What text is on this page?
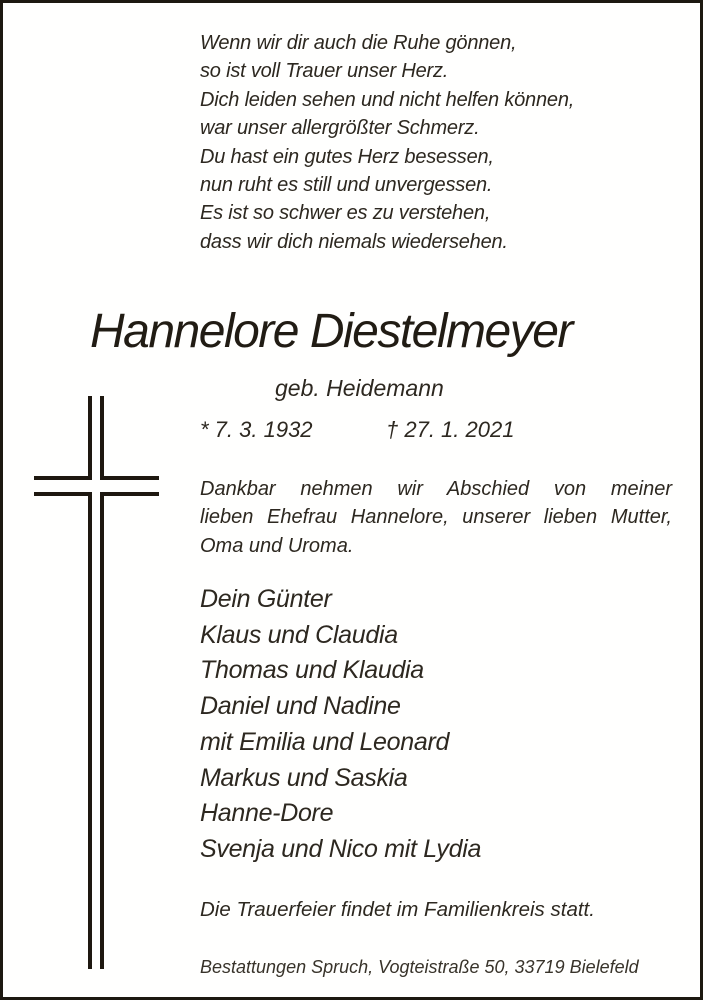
Wenn wir dir auch die Ruhe gönnen,
so ist voll Trauer unser Herz.
Dich leiden sehen und nicht helfen können,
war unser allergrößter Schmerz.
Du hast ein gutes Herz besessen,
nun ruht es still und unvergessen.
Es ist so schwer es zu verstehen,
dass wir dich niemals wiedersehen.
Hannelore Diestelmeyer
geb. Heidemann
* 7. 3. 1932	† 27. 1. 2021
Dankbar nehmen wir Abschied von meiner
lieben Ehefrau Hannelore, unserer lieben Mutter,
Oma und Uroma.
Dein Günter
Klaus und Claudia
Thomas und Klaudia
Daniel und Nadine
mit Emilia und Leonard
Markus und Saskia
Hanne-Dore
Svenja und Nico mit Lydia
Die Trauerfeier findet im Familienkreis statt.
Bestattungen Spruch, Vogteistraße 50, 33719 Bielefeld
